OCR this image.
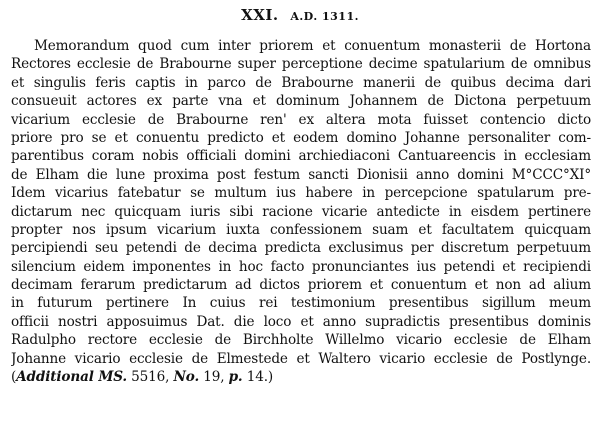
XXI. A.D. 1311.
Memorandum quod cum inter priorem et conuentum monasterii de Hortona
Rectores ecclesie de Brabourne super perceptione decime spatularium de omnibus
et singulis feris captis in parco de Brabourne manerii de quibus decima dari
consueuit actores ex parte vna et dominum Johannem de Dictona perpetuum
vicarium ecclesie de Brabourne ren' ex altera mota fuisset contencio dicto
priore pro se et conuentu predicto et eodem domino Johanne personaliter com-
parentibus coram nobis officiali domini archiediaconi Cantuareencis in ecclesiam
de Elham die lune proxima post festum sancti Dionisii anno domini M°CCC°XI°
Idem vicarius fatebatur se multum ius habere in percepcione spatularum pre-
dictarum nec quicquam iuris sibi racione vicarie antedicte in eisdem pertinere
propter nos ipsum vicarium iuxta confessionem suam et facultatem quicquam
percipiendi seu petendi de decima predicta exclusimus per discretum perpetuum
silencium eidem imponentes in hoc facto pronunciantes ius petendi et recipiendi
decimam ferarum predictarum ad dictos priorem et conuentum et non ad alium
in futurum pertinere In cuius rei testimonium presentibus sigillum meum
officii nostri apposuimus Dat. die loco et anno supradictis presentibus dominis
Radulpho rectore ecclesie de Birchholte Willelmo vicario ecclesie de Elham
Johanne vicario ecclesie de Elmestede et Waltero vicario ecclesie de Postlynge.
(Additional MS. 5516, No. 19, p. 14.)
